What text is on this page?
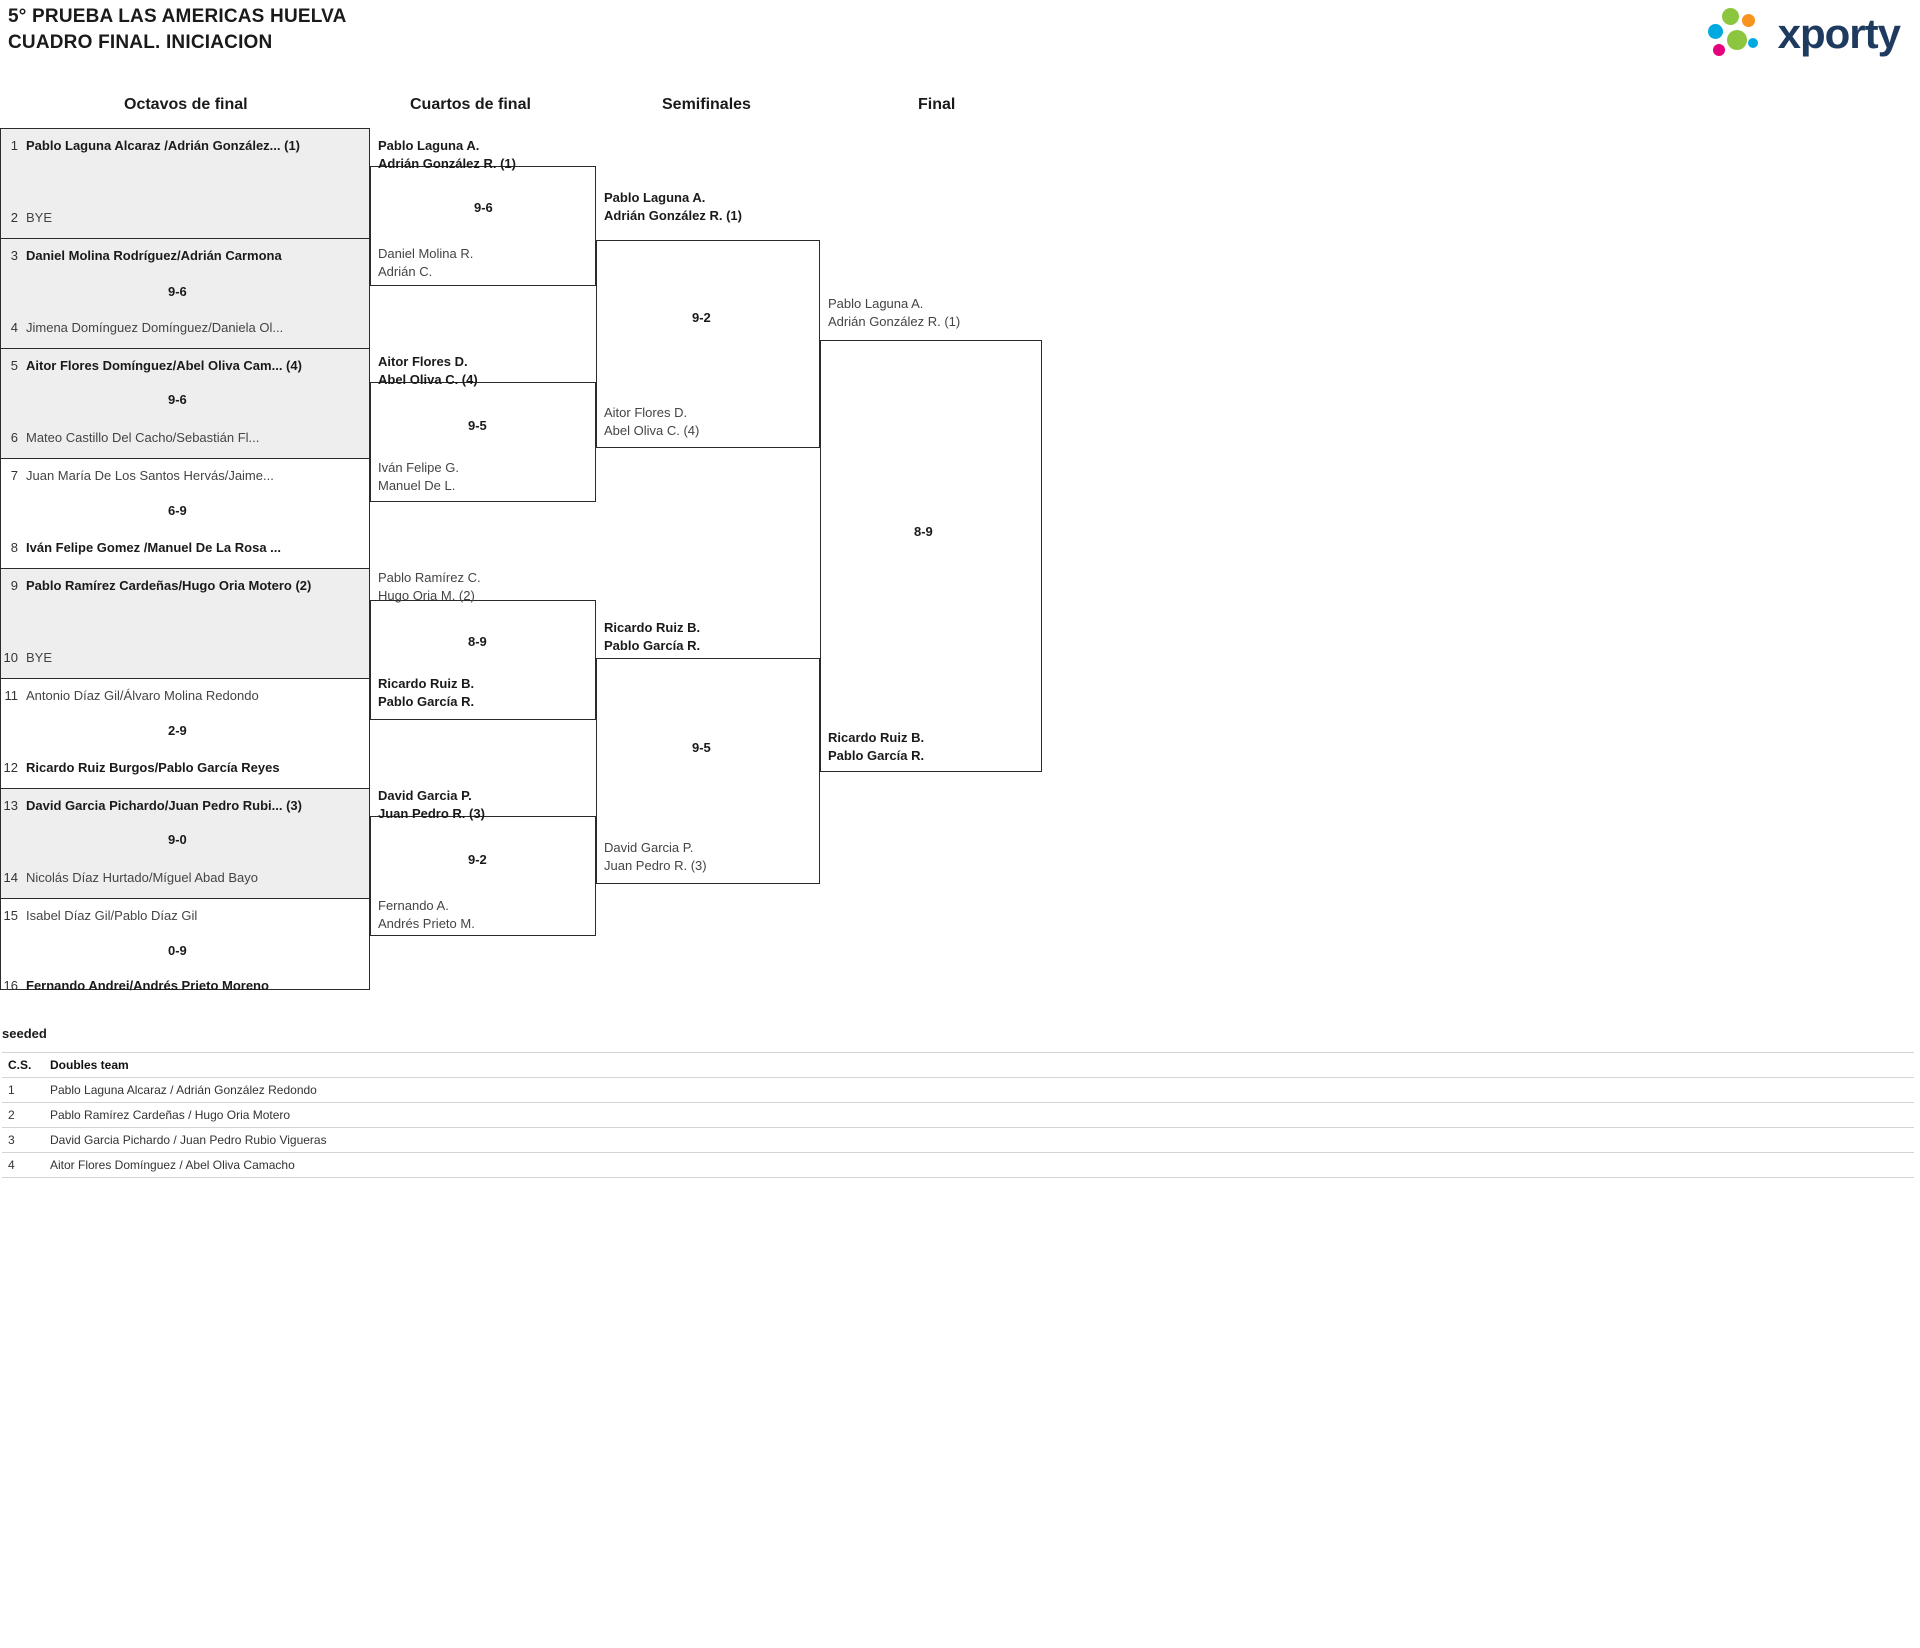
5° PRUEBA LAS AMERICAS HUELVA
CUADRO FINAL. INICIACION	xporty
Octavos de final	Cuartos de final	Semifinales	Final
1 Pablo Laguna Alcaraz /Adrián González... (1)
2 BYE
3 Daniel Molina Rodríguez/Adrián Carmona
9-6
4 Jimena Domínguez Domínguez/Daniela Ol...
5 Aitor Flores Domínguez/Abel Oliva Cam... (4)
9-6
6 Mateo Castillo Del Cacho/Sebastián Fl...
7 Juan María De Los Santos Hervás/Jaime...
6-9
8 Iván Felipe Gomez /Manuel De La Rosa ...
9 Pablo Ramírez Cardeñas/Hugo Oria Motero (2)
10 BYE
11 Antonio Díaz Gil/Álvaro Molina Redondo
2-9
12 Ricardo Ruiz Burgos/Pablo García Reyes
13 David Garcia Pichardo/Juan Pedro Rubi... (3)
9-0
14 Nicolás Díaz Hurtado/Míguel Abad Bayo
15 Isabel Díaz Gil/Pablo Díaz Gil
0-9
16 Fernando Andrei/Andrés Prieto Moreno
Pablo Laguna A.
Adrián González R. (1)
9-6
Daniel Molina R.
Adrián C.
Aitor Flores D.
Abel Oliva C. (4)
9-5
Iván Felipe G.
Manuel De L.
Pablo Ramírez C.
Hugo Oria M. (2)
8-9
Ricardo Ruiz B.
Pablo García R.
David Garcia P.
Juan Pedro R. (3)
9-2
Fernando A.
Andrés Prieto M.
Pablo Laguna A.
Adrián González R. (1)
9-2
Aitor Flores D.
Abel Oliva C. (4)
Ricardo Ruiz B.
Pablo García R.
9-5
David Garcia P.
Juan Pedro R. (3)
Pablo Laguna A.
Adrián González R. (1)
8-9
Ricardo Ruiz B.
Pablo García R.
seeded
C.S.	Doubles team
1	Pablo Laguna Alcaraz / Adrián González Redondo
2	Pablo Ramírez Cardeñas / Hugo Oria Motero
3	David Garcia Pichardo / Juan Pedro Rubio Vigueras
4	Aitor Flores Domínguez / Abel Oliva Camacho
